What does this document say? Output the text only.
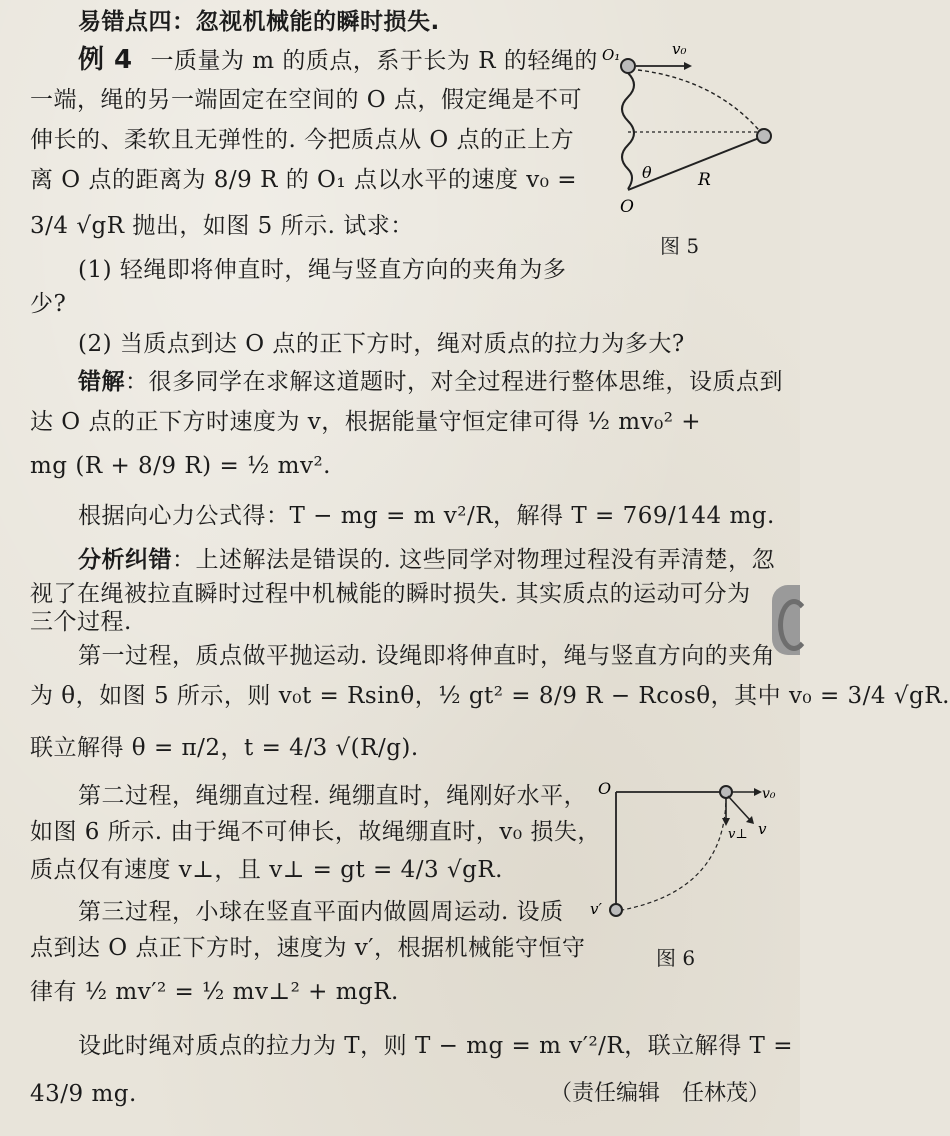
易错点四：忽视机械能的瞬时损失.
例 4 一质量为 m 的质点，系于长为 R 的轻绳的
一端，绳的另一端固定在空间的 O 点，假定绳是不可
伸长的、柔软且无弹性的. 今把质点从 O 点的正上方
离 O 点的距离为 8/9 R 的 O₁ 点以水平的速度 v₀ =
3/4 √gR 抛出，如图 5 所示. 试求：
(1) 轻绳即将伸直时，绳与竖直方向的夹角为多
少?
(2) 当质点到达 O 点的正下方时，绳对质点的拉力为多大?
错解：很多同学在求解这道题时，对全过程进行整体思维，设质点到
达 O 点的正下方时速度为 v，根据能量守恒定律可得 ½ mv₀² +
mg (R + 8/9 R) = ½ mv².
根据向心力公式得：T − mg = m v²/R，解得 T = 769/144 mg.
分析纠错：上述解法是错误的. 这些同学对物理过程没有弄清楚，忽
视了在绳被拉直瞬时过程中机械能的瞬时损失. 其实质点的运动可分为
三个过程.
第一过程，质点做平抛运动. 设绳即将伸直时，绳与竖直方向的夹角
为 θ，如图 5 所示，则 v₀t = Rsinθ，½ gt² = 8/9 R − Rcosθ，其中 v₀ = 3/4 √gR.
联立解得 θ = π/2，t = 4/3 √(R/g).
第二过程，绳绷直过程. 绳绷直时，绳刚好水平，
如图 6 所示. 由于绳不可伸长，故绳绷直时，v₀ 损失，
质点仅有速度 v⊥，且 v⊥ = gt = 4/3 √gR.
第三过程，小球在竖直平面内做圆周运动. 设质
点到达 O 点正下方时，速度为 v′，根据机械能守恒守
律有 ½ mv′² = ½ mv⊥² + mgR.
设此时绳对质点的拉力为 T，则 T − mg = m v′²/R，联立解得 T =
43/9 mg.	（责任编辑　任林茂）
O₁	v₀
θ	R
O
图 5
O	v₀
v
v⊥
v′
图 6
